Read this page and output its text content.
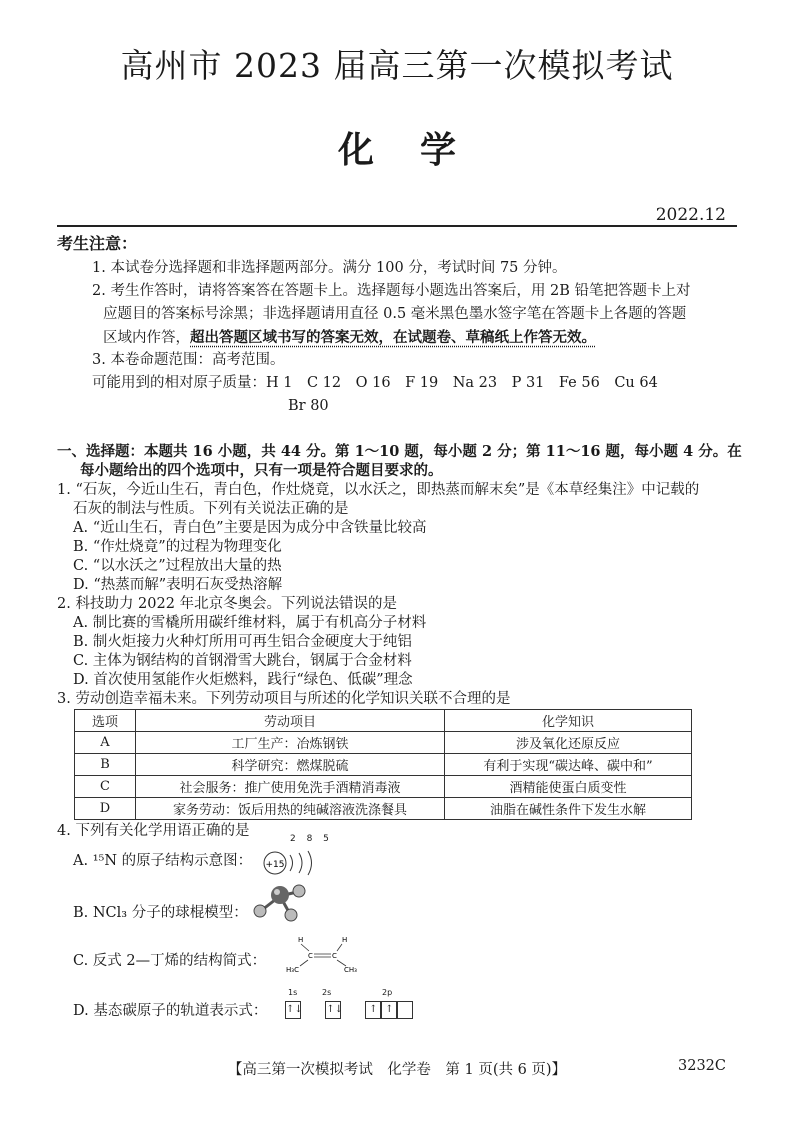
高州市 2023 届高三第一次模拟考试
化学
2022.12
考生注意：
1. 本试卷分选择题和非选择题两部分。满分 100 分，考试时间 75 分钟。
2. 考生作答时，请将答案答在答题卡上。选择题每小题选出答案后，用 2B 铅笔把答题卡上对
应题目的答案标号涂黑；非选择题请用直径 0.5 毫米黑色墨水签字笔在答题卡上各题的答题
区域内作答，超出答题区域书写的答案无效，在试题卷、草稿纸上作答无效。
3. 本卷命题范围：高考范围。
可能用到的相对原子质量：H 1　C 12　O 16　F 19　Na 23　P 31　Fe 56　Cu 64
Br 80
一、选择题：本题共 16 小题，共 44 分。第 1～10 题，每小题 2 分；第 11～16 题，每小题 4 分。在
每小题给出的四个选项中，只有一项是符合题目要求的。
1. “石灰，今近山生石，青白色，作灶烧竟，以水沃之，即热蒸而解末矣”是《本草经集注》中记载的
石灰的制法与性质。下列有关说法正确的是
A. “近山生石，青白色”主要是因为成分中含铁量比较高
B. “作灶烧竟”的过程为物理变化
C. “以水沃之”过程放出大量的热
D. “热蒸而解”表明石灰受热溶解
2. 科技助力 2022 年北京冬奥会。下列说法错误的是
A. 制比赛的雪橇所用碳纤维材料，属于有机高分子材料
B. 制火炬接力火种灯所用可再生铝合金硬度大于纯铝
C. 主体为钢结构的首钢滑雪大跳台，钢属于合金材料
D. 首次使用氢能作火炬燃料，践行“绿色、低碳”理念
3. 劳动创造幸福未来。下列劳动项目与所述的化学知识关联不合理的是
选项	劳动项目	化学知识
A	工厂生产：冶炼钢铁	涉及氧化还原反应
B	科学研究：燃煤脱硫	有利于实现“碳达峰、碳中和”
C	社会服务：推广使用免洗手酒精消毒液	酒精能使蛋白质变性
D	家务劳动：饭后用热的纯碱溶液洗涤餐具	油脂在碱性条件下发生水解
4. 下列有关化学用语正确的是
A. ¹⁵N 的原子结构示意图： +15
2 8 5
B. NCl₃ 分子的球棍模型：
C. 反式 2—丁烯的结构简式：
H	H
C	C
H₃C	CH₃
D. 基态碳原子的轨道表示式：
1s	2s	2p
↑↓ ↑↓	↑ ↑
【高三第一次模拟考试　化学卷　第 1 页(共 6 页)】	3232C
